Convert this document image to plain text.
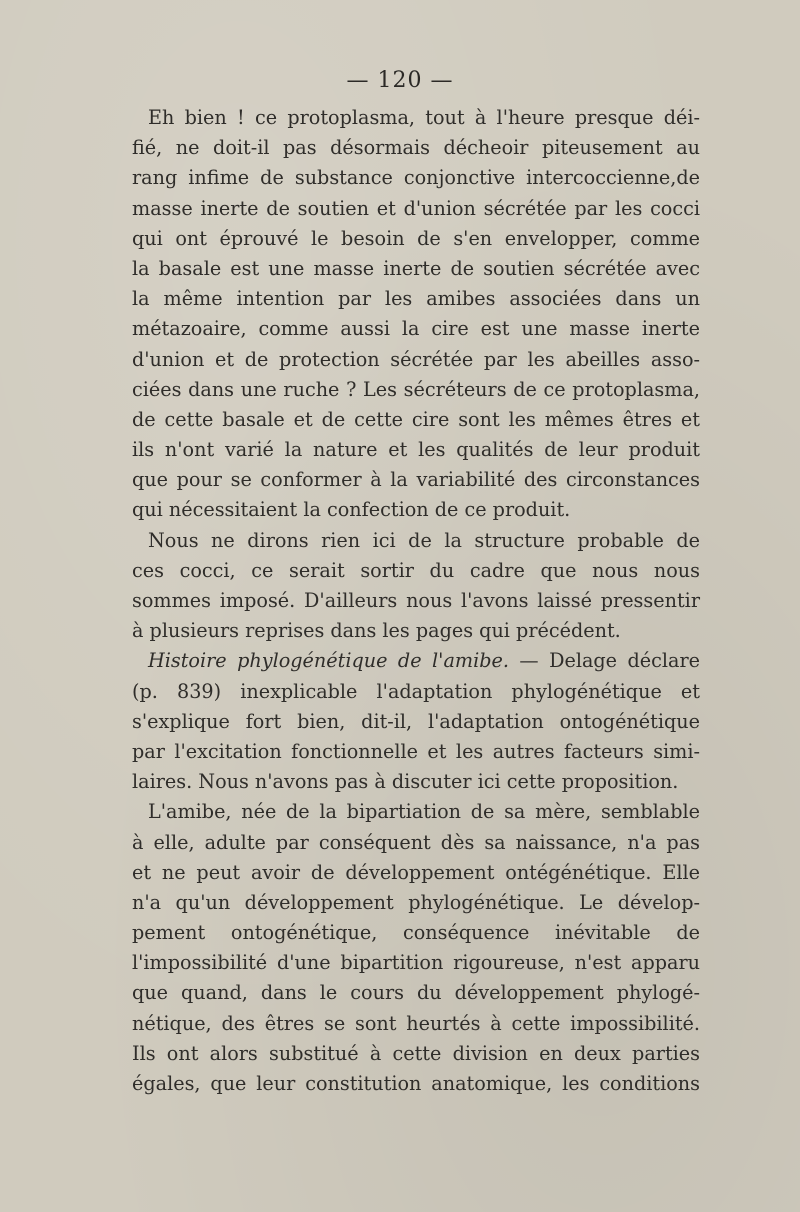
— 120 —
Eh bien ! ce protoplasma, tout à l'heure presque déi-
fié, ne doit-il pas désormais décheoir piteusement au
rang infime de substance conjonctive intercoccienne,de
masse inerte de soutien et d'union sécrétée par les cocci
qui ont éprouvé le besoin de s'en envelopper, comme
la basale est une masse inerte de soutien sécrétée avec
la même intention par les amibes associées dans un
métazoaire, comme aussi la cire est une masse inerte
d'union et de protection sécrétée par les abeilles asso-
ciées dans une ruche ? Les sécréteurs de ce protoplasma,
de cette basale et de cette cire sont les mêmes êtres et
ils n'ont varié la nature et les qualités de leur produit
que pour se conformer à la variabilité des circonstances
qui nécessitaient la confection de ce produit.
Nous ne dirons rien ici de la structure probable de
ces cocci, ce serait sortir du cadre que nous nous
sommes imposé. D'ailleurs nous l'avons laissé pressentir
à plusieurs reprises dans les pages qui précédent.
Histoire phylogénétique de l'amibe. — Delage déclare
(p. 839) inexplicable l'adaptation phylogénétique et
s'explique fort bien, dit-il, l'adaptation ontogénétique
par l'excitation fonctionnelle et les autres facteurs simi-
laires. Nous n'avons pas à discuter ici cette proposition.
L'amibe, née de la bipartiation de sa mère, semblable
à elle, adulte par conséquent dès sa naissance, n'a pas
et ne peut avoir de développement ontégénétique. Elle
n'a qu'un développement phylogénétique. Le dévelop-
pement ontogénétique, conséquence inévitable de
l'impossibilité d'une bipartition rigoureuse, n'est apparu
que quand, dans le cours du développement phylogé-
nétique, des êtres se sont heurtés à cette impossibilité.
Ils ont alors substitué à cette division en deux parties
égales, que leur constitution anatomique, les conditions
